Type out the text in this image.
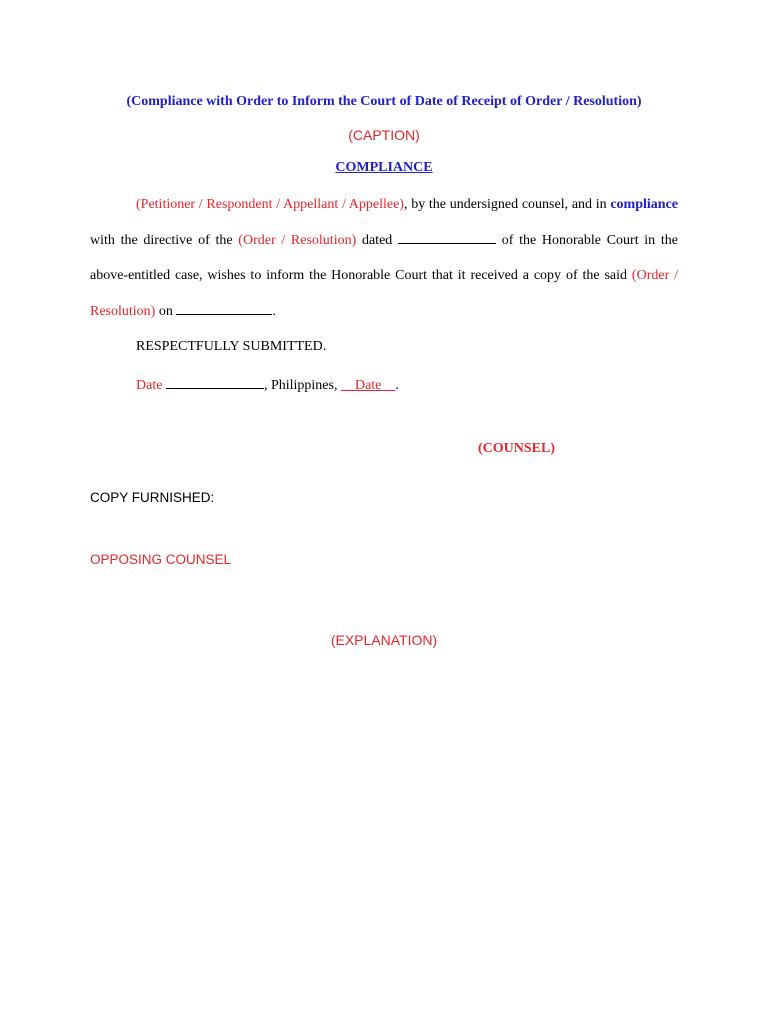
(Compliance with Order to Inform the Court of Date of Receipt of Order / Resolution)
(CAPTION)
COMPLIANCE
(Petitioner / Respondent / Appellant / Appellee), by the undersigned counsel, and in compliance with the directive of the (Order / Resolution) dated	of the Honorable Court in the above-entitled case, wishes to inform the Honorable Court that it received a copy of the said (Order / Resolution) on	.
RESPECTFULLY SUBMITTED.
Date	, Philippines, __Date__.
(COUNSEL)
COPY FURNISHED:
OPPOSING COUNSEL
(EXPLANATION)
